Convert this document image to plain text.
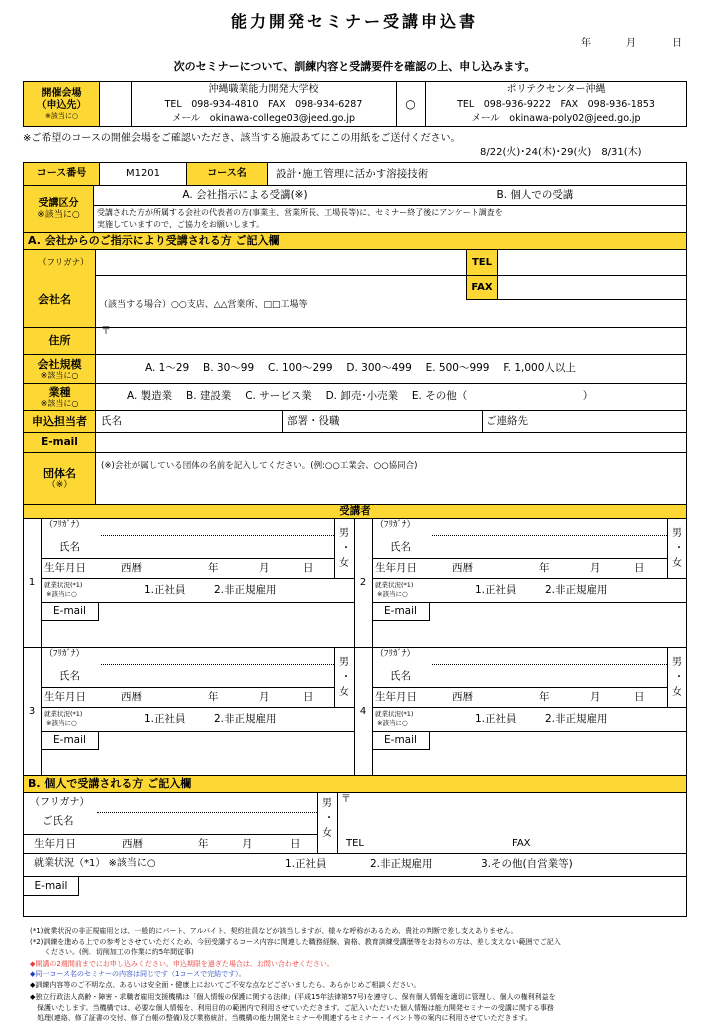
能力開発セミナー受講申込書
年	月	日
次のセミナーについて、訓練内容と受講要件を確認の上、申し込みます。
開催会場
（申込先）
※該当に○
○
沖縄職業能力開発大学校
TEL　098-934-4810　FAX　098-934-6287
メール　okinawa-college03@jeed.go.jp
ポリテクセンター沖縄
TEL　098-936-9222　FAX　098-936-1853
メール　okinawa-poly02@jeed.go.jp
※ご希望のコースの開催会場をご確認いただき、該当する施設あてにこの用紙をご送付ください。
8/22(火)･24(木)･29(火)　8/31(木)
コース番号	M1201	コース名	設計･施工管理に活かす溶接技術
受講区分
※該当に○
A. 会社指示による受講(※)	B. 個人での受講
受講された方が所属する会社の代表者の方(事業主、営業所長、工場長等)に、セミナー終了後にアンケート調査を
実施していますので、ご協力をお願いします。
A. 会社からのご指示により受講される方 ご記入欄
（フリガナ）
会社名
TEL
FAX
（該当する場合）○○支店、△△営業所、□□工場等
住所
〒
会社規模
※該当に○
A. 1～29　 B. 30～99　 C. 100～299　 D. 300～499　 E. 500～999　 F. 1,000人以上
業種
※該当に○
A. 製造業　 B. 建設業　 C. サービス業　 D. 卸売･小売業　 E. その他（　　　　　　　　　　　）
申込担当者	氏名	部署・役職	ご連絡先
E-mail
団体名
（※）
(※)会社が属している団体の名前を記入してください。(例:○○工業会、○○協同合)
受講者
1
（ﾌﾘｶﾞﾅ）
氏名
男
・
女
生年月日	西暦	年	月	日
就業状況(*1)
※該当に○	1.正社員	2.非正規雇用
E-mail
2
（ﾌﾘｶﾞﾅ）
氏名
男
・
女
生年月日	西暦	年	月	日
就業状況(*1)
※該当に○	1.正社員	2.非正規雇用
E-mail
3
（ﾌﾘｶﾞﾅ）
氏名
男
・
女
生年月日	西暦	年	月	日
就業状況(*1)
※該当に○	1.正社員	2.非正規雇用
E-mail
4
（ﾌﾘｶﾞﾅ）
氏名
男
・
女
生年月日	西暦	年	月	日
就業状況(*1)
※該当に○	1.正社員	2.非正規雇用
E-mail
B. 個人で受講される方 ご記入欄
（フリガナ）
ご氏名
男
・
女
〒
生年月日	西暦	年	月	日	TEL	FAX
就業状況（*1） ※該当に○	1.正社員	2.非正規雇用	3.その他(自営業等)
E-mail
(*1)就業状況の非正規雇用とは、一般的にパート、アルバイト、契約社員などが該当しますが、様々な呼称があるため、貴社の判断で差し支えありません。
(*2)訓練を進める上での参考とさせていただくため、今回受講するコース内容に関連した職務経験、資格、教育訓練受講歴等をお持ちの方は、差し支えない範囲でご記入
　　ください。(例．切削加工の作業に約5年間従事)
◆開講の2週間前までにお申し込みください。申込期限を過ぎた場合は、お問い合わせください。
◆同一コース名のセミナーの内容は同じです（1コースで完結です）。
◆訓練内容等のご不明な点、あるいは安全面・健康上においてご不安な点などございましたら、あらかじめご相談ください。
◆独立行政法人高齢・障害・求職者雇用支援機構は「個人情報の保護に関する法律」(平成15年法律第57号)を遵守し、保有個人情報を適切に管理し、個人の権利利益を
　保護いたします。当機構では、必要な個人情報を、利用目的の範囲内で利用させていただきます。ご記入いただいた個人情報は能力開発セミナーの受講に関する事務
　処理(連絡、修了証書の交付、修了台帳の整備)及び業務統計、当機構の能力開発セミナーや関連するセミナー・イベント等の案内に利用させていただきます。
